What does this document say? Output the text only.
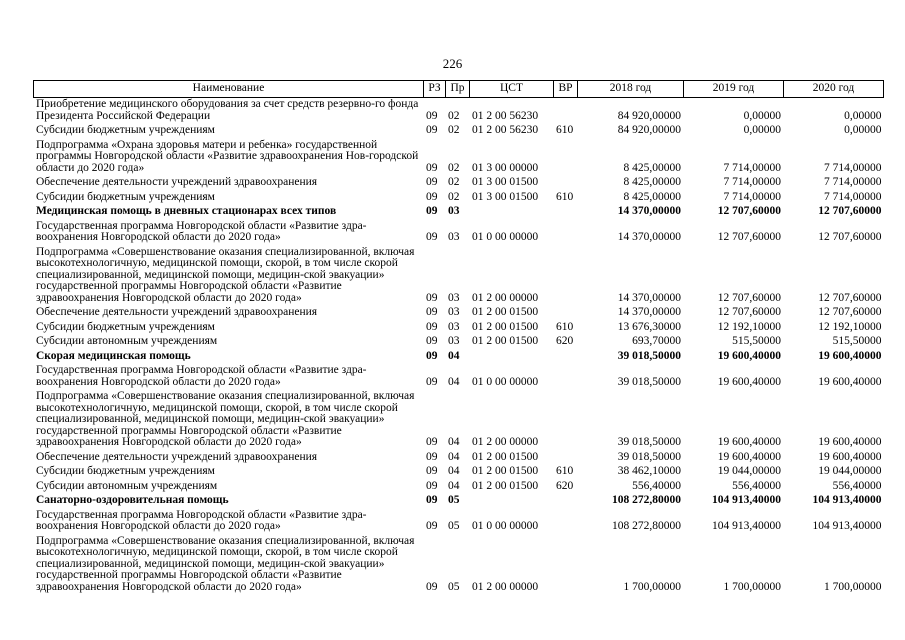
226
Наименование	РЗ	Пр	ЦСТ	ВР	2018 год	2019 год	2020 год
Приобретение медицинского оборудования за счет средств резервно-го фонда Президента Российской Федерации	09	02	01 2 00 56230		84 920,00000	0,00000	0,00000
Субсидии бюджетным учреждениям	09	02	01 2 00 56230	610	84 920,00000	0,00000	0,00000
Подпрограмма «Охрана здоровья матери и ребенка» государственной программы Новгородской области «Развитие здравоохранения Нов-городской области до 2020 года»	09	02	01 3 00 00000		8 425,00000	7 714,00000	7 714,00000
Обеспечение деятельности учреждений здравоохранения	09	02	01 3 00 01500		8 425,00000	7 714,00000	7 714,00000
Субсидии бюджетным учреждениям	09	02	01 3 00 01500	610	8 425,00000	7 714,00000	7 714,00000
Медицинская помощь в дневных стационарах всех типов	09	03			14 370,00000	12 707,60000	12 707,60000
Государственная программа Новгородской области «Развитие здра-воохранения Новгородской области до 2020 года»	09	03	01 0 00 00000		14 370,00000	12 707,60000	12 707,60000
Подпрограмма «Совершенствование оказания специализированной, включая высокотехнологичную, медицинской помощи, скорой, в том числе скорой специализированной, медицинской помощи, медицин-ской эвакуации» государственной программы Новгородской области «Развитие здравоохранения Новгородской области до 2020 года»	09	03	01 2 00 00000		14 370,00000	12 707,60000	12 707,60000
Обеспечение деятельности учреждений здравоохранения	09	03	01 2 00 01500		14 370,00000	12 707,60000	12 707,60000
Субсидии бюджетным учреждениям	09	03	01 2 00 01500	610	13 676,30000	12 192,10000	12 192,10000
Субсидии автономным учреждениям	09	03	01 2 00 01500	620	693,70000	515,50000	515,50000
Скорая медицинская помощь	09	04			39 018,50000	19 600,40000	19 600,40000
Государственная программа Новгородской области «Развитие здра-воохранения Новгородской области до 2020 года»	09	04	01 0 00 00000		39 018,50000	19 600,40000	19 600,40000
Подпрограмма «Совершенствование оказания специализированной, включая высокотехнологичную, медицинской помощи, скорой, в том числе скорой специализированной, медицинской помощи, медицин-ской эвакуации» государственной программы Новгородской области «Развитие здравоохранения Новгородской области до 2020 года»	09	04	01 2 00 00000		39 018,50000	19 600,40000	19 600,40000
Обеспечение деятельности учреждений здравоохранения	09	04	01 2 00 01500		39 018,50000	19 600,40000	19 600,40000
Субсидии бюджетным учреждениям	09	04	01 2 00 01500	610	38 462,10000	19 044,00000	19 044,00000
Субсидии автономным учреждениям	09	04	01 2 00 01500	620	556,40000	556,40000	556,40000
Санаторно-оздоровительная помощь	09	05			108 272,80000	104 913,40000	104 913,40000
Государственная программа Новгородской области «Развитие здра-воохранения Новгородской области до 2020 года»	09	05	01 0 00 00000		108 272,80000	104 913,40000	104 913,40000
Подпрограмма «Совершенствование оказания специализированной, включая высокотехнологичную, медицинской помощи, скорой, в том числе скорой специализированной, медицинской помощи, медицин-ской эвакуации» государственной программы Новгородской области «Развитие здравоохранения Новгородской области до 2020 года»	09	05	01 2 00 00000		1 700,00000	1 700,00000	1 700,00000
